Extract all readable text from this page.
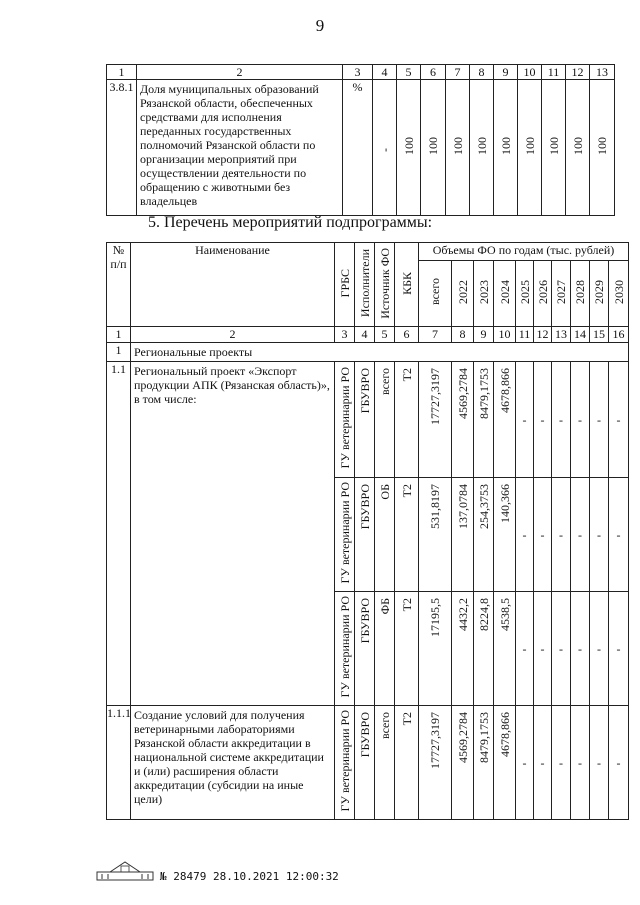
9
1	2	3	4	5	6	7	8	9	10	11	12	13
3.8.1	Доля муниципальных образований Рязанской области, обеспеченных средствами для исполнения переданных государственных полномочий Рязанской области по организации мероприятий при осуществлении деятельности по обращению с животными без владельцев	%	-	100	100	100	100	100	100	100	100	100
5. Перечень мероприятий подпрограммы:
№ п/п	Наименование	ГРБС	Исполнители	Источник ФО	КБК	Объемы ФО по годам (тыс. рублей)									
						всего	2022	2023	2024	2025	2026	2027	2028	2029	2030
1	2	3	4	5	6	7	8	9	10	11	12	13	14	15	16
1	Региональные проекты														
1.1	Региональный проект «Экспорт продукции АПК (Рязанская область)», в том числе:	ГУ ветеринарии РО	ГБУВРО	всего	Т2	17727,3197	4569,2784	8479,1753	4678,866	-	-	-	-	-	-
		ГУ ветеринарии РО	ГБУВРО	ОБ	Т2	531,8197	137,0784	254,3753	140,366	-	-	-	-	-	-
		ГУ ветеринарии РО	ГБУВРО	ФБ	Т2	17195,5	4432,2	8224,8	4538,5	-	-	-	-	-	-
1.1.1	Создание условий для получения ветеринарными лабораториями Рязанской области аккредитации в национальной системе аккредитации и (или) расширения области аккредитации (субсидии на иные цели)	ГУ ветеринарии РО	ГБУВРО	всего	Т2	17727,3197	4569,2784	8479,1753	4678,866	-	-	-	-	-	-
№ 28479 28.10.2021 12:00:32
